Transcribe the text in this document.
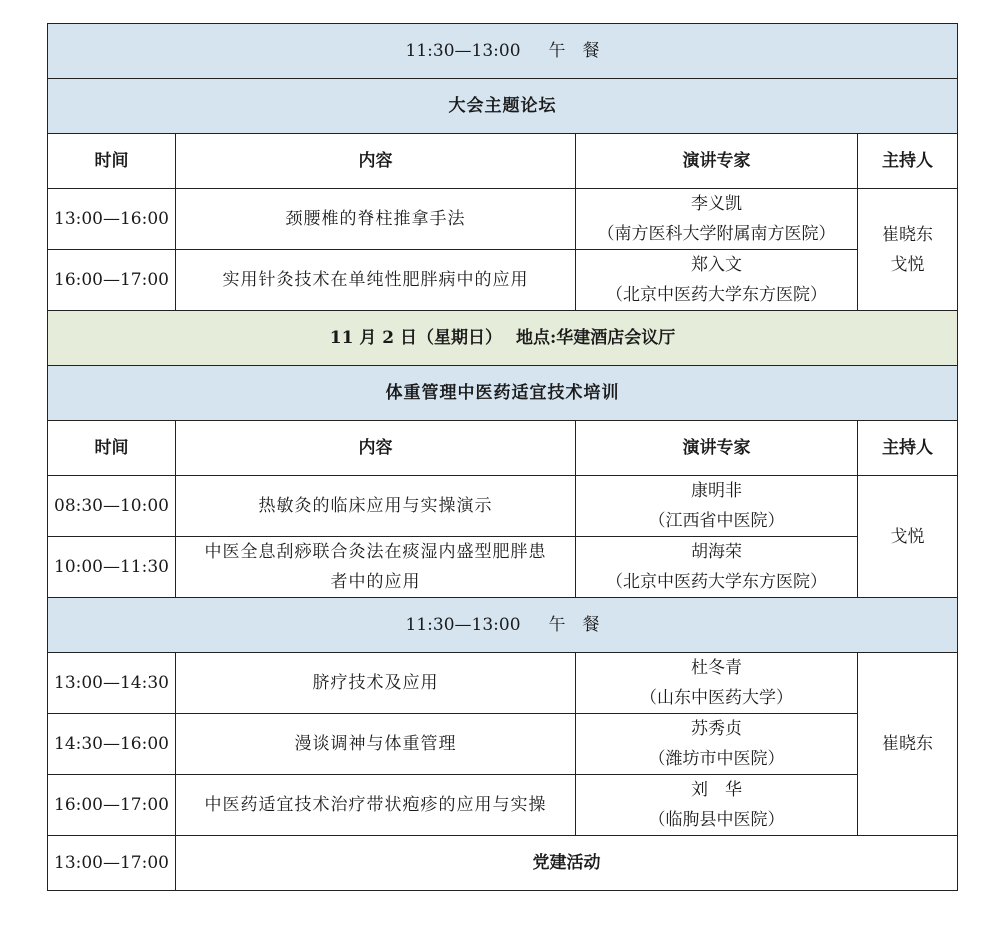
11:30—13:00 午　餐			
大会主题论坛			
时间	内容	演讲专家	主持人
13:00—16:00	颈腰椎的脊柱推拿手法	李义凯
（南方医科大学附属南方医院）	崔晓东
戈悦

16:00—17:00	实用针灸技术在单纯性肥胖病中的应用	郑入文
（北京中医药大学东方医院）	

11 月 2 日（星期日） 地点:华建酒店会议厅			
体重管理中医药适宜技术培训			
时间	内容	演讲专家	主持人
08:30—10:00	热敏灸的临床应用与实操演示	康明非
（江西省中医院）	戈悦
10:00—11:30	中医全息刮痧联合灸法在痰湿内盛型肥胖患
者中的应用	胡海荣
（北京中医药大学东方医院）	

11:30—13:00 午　餐			
13:00—14:30	脐疗技术及应用	杜冬青
（山东中医药大学）	崔晓东
14:30—16:00	漫谈调神与体重管理	苏秀贞
（潍坊市中医院）	

16:00—17:00	中医药适宜技术治疗带状疱疹的应用与实操	刘　华
（临朐县中医院）	

13:00—17:00	党建活动		
